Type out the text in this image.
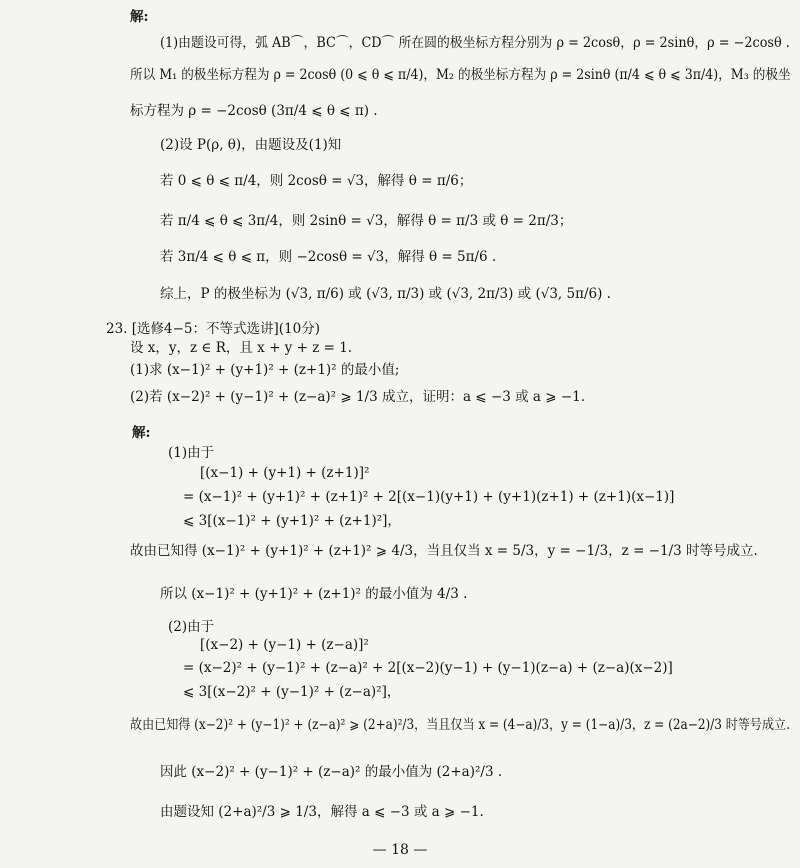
解:
(1)由题设可得，弧 AB⌒，BC⌒，CD⌒ 所在圆的极坐标方程分别为 ρ = 2cosθ，ρ = 2sinθ，ρ = −2cosθ .
所以 M₁ 的极坐标方程为 ρ = 2cosθ (0 ⩽ θ ⩽ π/4)，M₂ 的极坐标方程为 ρ = 2sinθ (π/4 ⩽ θ ⩽ 3π/4)，M₃ 的极坐
标方程为 ρ = −2cosθ (3π/4 ⩽ θ ⩽ π) .
(2)设 P(ρ, θ)，由题设及(1)知
若 0 ⩽ θ ⩽ π/4，则 2cosθ = √3，解得 θ = π/6；
若 π/4 ⩽ θ ⩽ 3π/4，则 2sinθ = √3，解得 θ = π/3 或 θ = 2π/3；
若 3π/4 ⩽ θ ⩽ π，则 −2cosθ = √3，解得 θ = 5π/6 .
综上，P 的极坐标为 (√3, π/6) 或 (√3, π/3) 或 (√3, 2π/3) 或 (√3, 5π/6) .
23. [选修4−5：不等式选讲](10分)
设 x，y，z ∈ R，且 x + y + z = 1.
(1)求 (x−1)² + (y+1)² + (z+1)² 的最小值;
(2)若 (x−2)² + (y−1)² + (z−a)² ⩾ 1/3 成立，证明：a ⩽ −3 或 a ⩾ −1.
解:
(1)由于
[(x−1) + (y+1) + (z+1)]²
= (x−1)² + (y+1)² + (z+1)² + 2[(x−1)(y+1) + (y+1)(z+1) + (z+1)(x−1)]
⩽ 3[(x−1)² + (y+1)² + (z+1)²]，
故由已知得 (x−1)² + (y+1)² + (z+1)² ⩾ 4/3，当且仅当 x = 5/3，y = −1/3，z = −1/3 时等号成立.
所以 (x−1)² + (y+1)² + (z+1)² 的最小值为 4/3 .
(2)由于
[(x−2) + (y−1) + (z−a)]²
= (x−2)² + (y−1)² + (z−a)² + 2[(x−2)(y−1) + (y−1)(z−a) + (z−a)(x−2)]
⩽ 3[(x−2)² + (y−1)² + (z−a)²]，
故由已知得 (x−2)² + (y−1)² + (z−a)² ⩾ (2+a)²/3，当且仅当 x = (4−a)/3，y = (1−a)/3，z = (2a−2)/3 时等号成立.
因此 (x−2)² + (y−1)² + (z−a)² 的最小值为 (2+a)²/3 .
由题设知 (2+a)²/3 ⩾ 1/3，解得 a ⩽ −3 或 a ⩾ −1.
— 18 —
